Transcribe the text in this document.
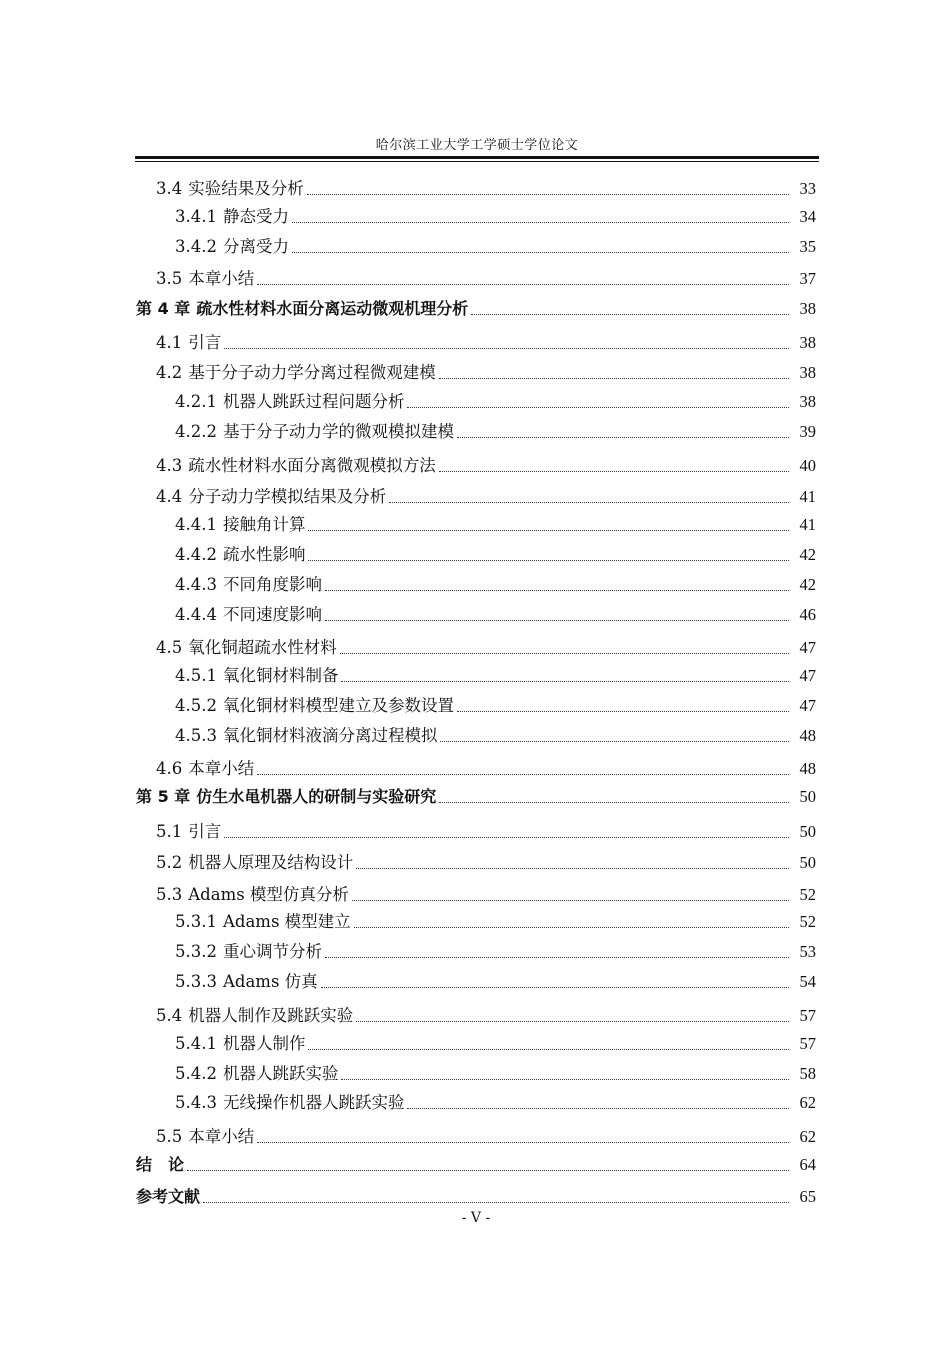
哈尔滨工业大学工学硕士学位论文
3.4 实验结果及分析	33
3.4.1 静态受力	34
3.4.2 分离受力	35
3.5 本章小结	37
第 4 章 疏水性材料水面分离运动微观机理分析	38
4.1 引言	38
4.2 基于分子动力学分离过程微观建模	38
4.2.1 机器人跳跃过程问题分析	38
4.2.2 基于分子动力学的微观模拟建模	39
4.3 疏水性材料水面分离微观模拟方法	40
4.4 分子动力学模拟结果及分析	41
4.4.1 接触角计算	41
4.4.2 疏水性影响	42
4.4.3 不同角度影响	42
4.4.4 不同速度影响	46
4.5 氧化铜超疏水性材料	47
4.5.1 氧化铜材料制备	47
4.5.2 氧化铜材料模型建立及参数设置	47
4.5.3 氧化铜材料液滴分离过程模拟	48
4.6 本章小结	48
第 5 章 仿生水黾机器人的研制与实验研究	50
5.1 引言	50
5.2 机器人原理及结构设计	50
5.3 Adams 模型仿真分析	52
5.3.1 Adams 模型建立	52
5.3.2 重心调节分析	53
5.3.3 Adams 仿真	54
5.4 机器人制作及跳跃实验	57
5.4.1 机器人制作	57
5.4.2 机器人跳跃实验	58
5.4.3 无线操作机器人跳跃实验	62
5.5 本章小结	62
结　论	64
参考文献	65
- V -
